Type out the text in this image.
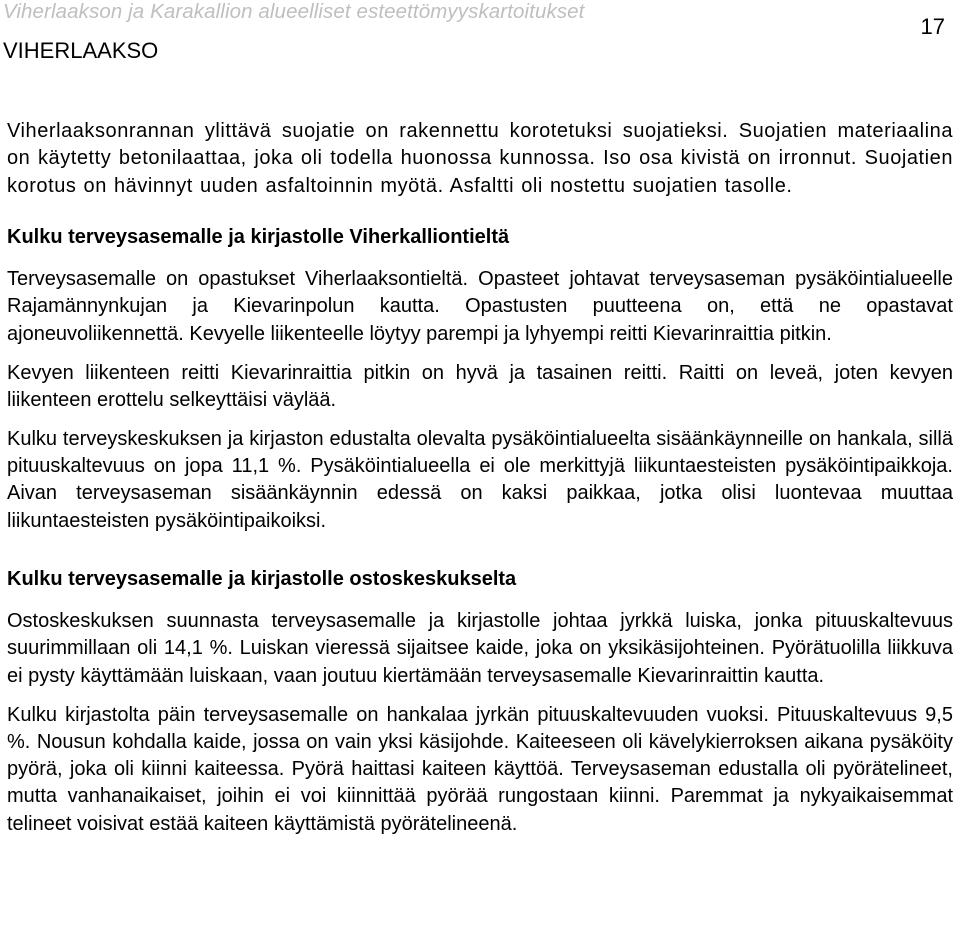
Viherlaakson ja Karakallion alueelliset esteettömyyskartoitukset
17
VIHERLAAKSO

Viherlaaksonrannan ylittävä suojatie on rakennettu korotetuksi suojatieksi. Suojatien materiaalina on käytetty betonilaattaa, joka oli todella huonossa kunnossa. Iso osa kivistä on irronnut. Suojatien korotus on hävinnyt uuden asfaltoinnin myötä. Asfaltti oli nostettu suojatien tasolle.

Kulku terveysasemalle ja kirjastolle Viherkalliontieltä

Terveysasemalle on opastukset Viherlaaksontieltä. Opasteet johtavat terveysaseman pysäköintialueelle Rajamännynkujan ja Kievarinpolun kautta. Opastusten puutteena on, että ne opastavat ajoneuvoliikennettä. Kevyelle liikenteelle löytyy parempi ja lyhyempi reitti Kievarinraittia pitkin.

Kevyen liikenteen reitti Kievarinraittia pitkin on hyvä ja tasainen reitti. Raitti on leveä, joten kevyen liikenteen erottelu selkeyttäisi väylää.

Kulku terveyskeskuksen ja kirjaston edustalta olevalta pysäköintialueelta sisäänkäynneille on hankala, sillä pituuskaltevuus on jopa 11,1 %. Pysäköintialueella ei ole merkittyjä liikuntaesteisten pysäköintipaikkoja. Aivan terveysaseman sisäänkäynnin edessä on kaksi paikkaa, jotka olisi luontevaa muuttaa liikuntaesteisten pysäköintipaikoiksi.

Kulku terveysasemalle ja kirjastolle ostoskeskukselta

Ostoskeskuksen suunnasta terveysasemalle ja kirjastolle johtaa jyrkkä luiska, jonka pituuskaltevuus suurimmillaan oli 14,1 %. Luiskan vieressä sijaitsee kaide, joka on yksikäsijohteinen. Pyörätuolilla liikkuva ei pysty käyttämään luiskaan, vaan joutuu kiertämään terveysasemalle Kievarinraittin kautta.

Kulku kirjastolta päin terveysasemalle on hankalaa jyrkän pituuskaltevuuden vuoksi. Pituuskaltevuus 9,5 %. Nousun kohdalla kaide, jossa on vain yksi käsijohde. Kaiteeseen oli kävelykierroksen aikana pysäköity pyörä, joka oli kiinni kaiteessa. Pyörä haittasi kaiteen käyttöä. Terveysaseman edustalla oli pyörätelineet, mutta vanhanaikaiset, joihin ei voi kiinnittää pyörää rungostaan kiinni. Paremmat ja nykyaikaisemmat telineet voisivat estää kaiteen käyttämistä pyörätelineenä.
